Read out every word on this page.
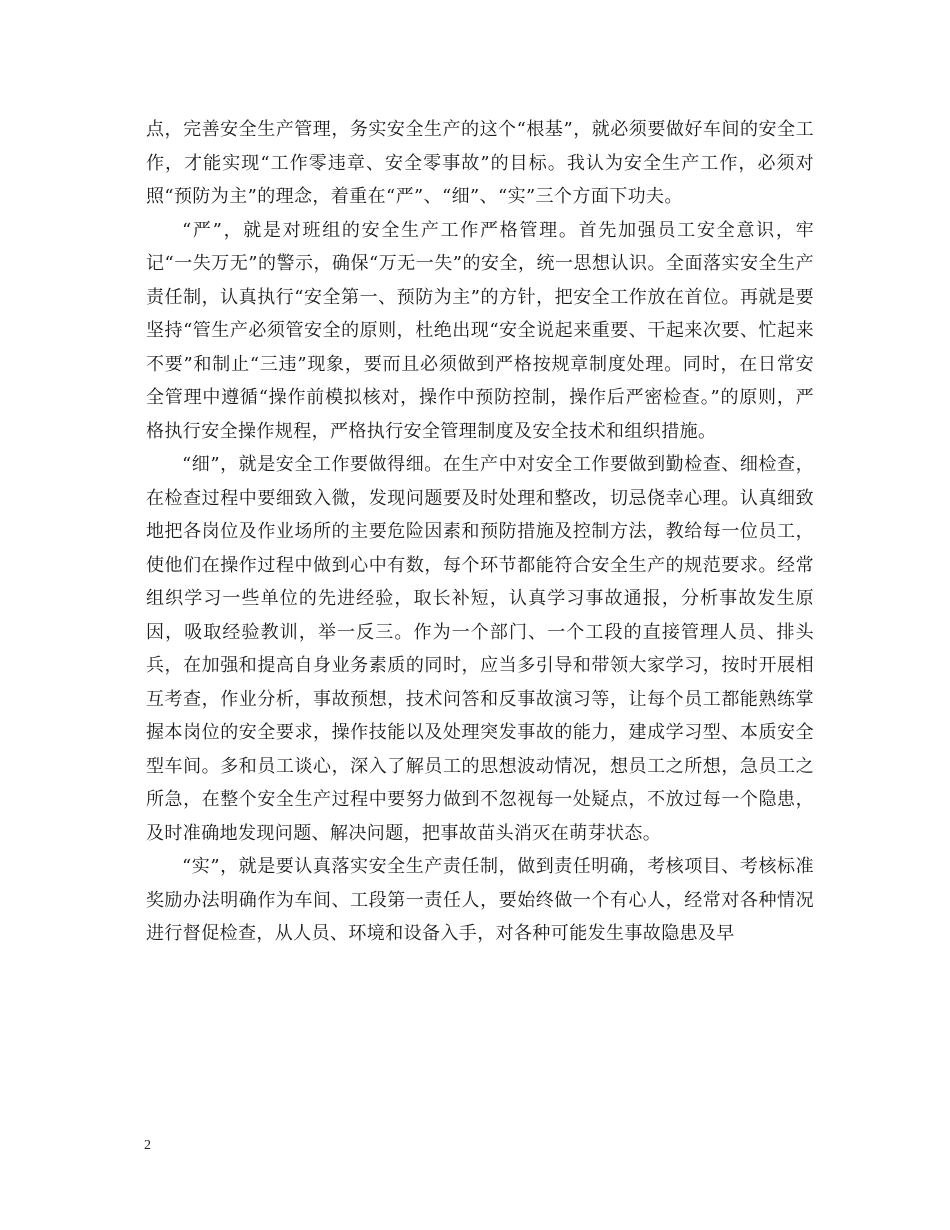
点，完善安全生产管理，务实安全生产的这个“根基”，就必须要做好车间的安全工作，才能实现“工作零违章、安全零事故”的目标。我认为安全生产工作，必须对照“预防为主”的理念，着重在“严”、“细”、“实”三个方面下功夫。

“严”，就是对班组的安全生产工作严格管理。首先加强员工安全意识，牢记“一失万无”的警示，确保“万无一失”的安全，统一思想认识。全面落实安全生产责任制，认真执行“安全第一、预防为主”的方针，把安全工作放在首位。再就是要坚持“管生产必须管安全的原则，杜绝出现“安全说起来重要、干起来次要、忙起来不要”和制止“三违”现象，要而且必须做到严格按规章制度处理。同时，在日常安全管理中遵循“操作前模拟核对，操作中预防控制，操作后严密检查。”的原则，严格执行安全操作规程，严格执行安全管理制度及安全技术和组织措施。

“细”，就是安全工作要做得细。在生产中对安全工作要做到勤检查、细检查，在检查过程中要细致入微，发现问题要及时处理和整改，切忌侥幸心理。认真细致地把各岗位及作业场所的主要危险因素和预防措施及控制方法，教给每一位员工，使他们在操作过程中做到心中有数，每个环节都能符合安全生产的规范要求。经常组织学习一些单位的先进经验，取长补短，认真学习事故通报，分析事故发生原因，吸取经验教训，举一反三。作为一个部门、一个工段的直接管理人员、排头兵，在加强和提高自身业务素质的同时，应当多引导和带领大家学习，按时开展相互考查，作业分析，事故预想，技术问答和反事故演习等，让每个员工都能熟练掌握本岗位的安全要求，操作技能以及处理突发事故的能力，建成学习型、本质安全型车间。多和员工谈心，深入了解员工的思想波动情况，想员工之所想，急员工之所急，在整个安全生产过程中要努力做到不忽视每一处疑点，不放过每一个隐患，及时准确地发现问题、解决问题，把事故苗头消灭在萌芽状态。

“实”，就是要认真落实安全生产责任制，做到责任明确，考核项目、考核标准奖励办法明确作为车间、工段第一责任人，要始终做一个有心人，经常对各种情况进行督促检查，从人员、环境和设备入手，对各种可能发生事故隐患及早

2
